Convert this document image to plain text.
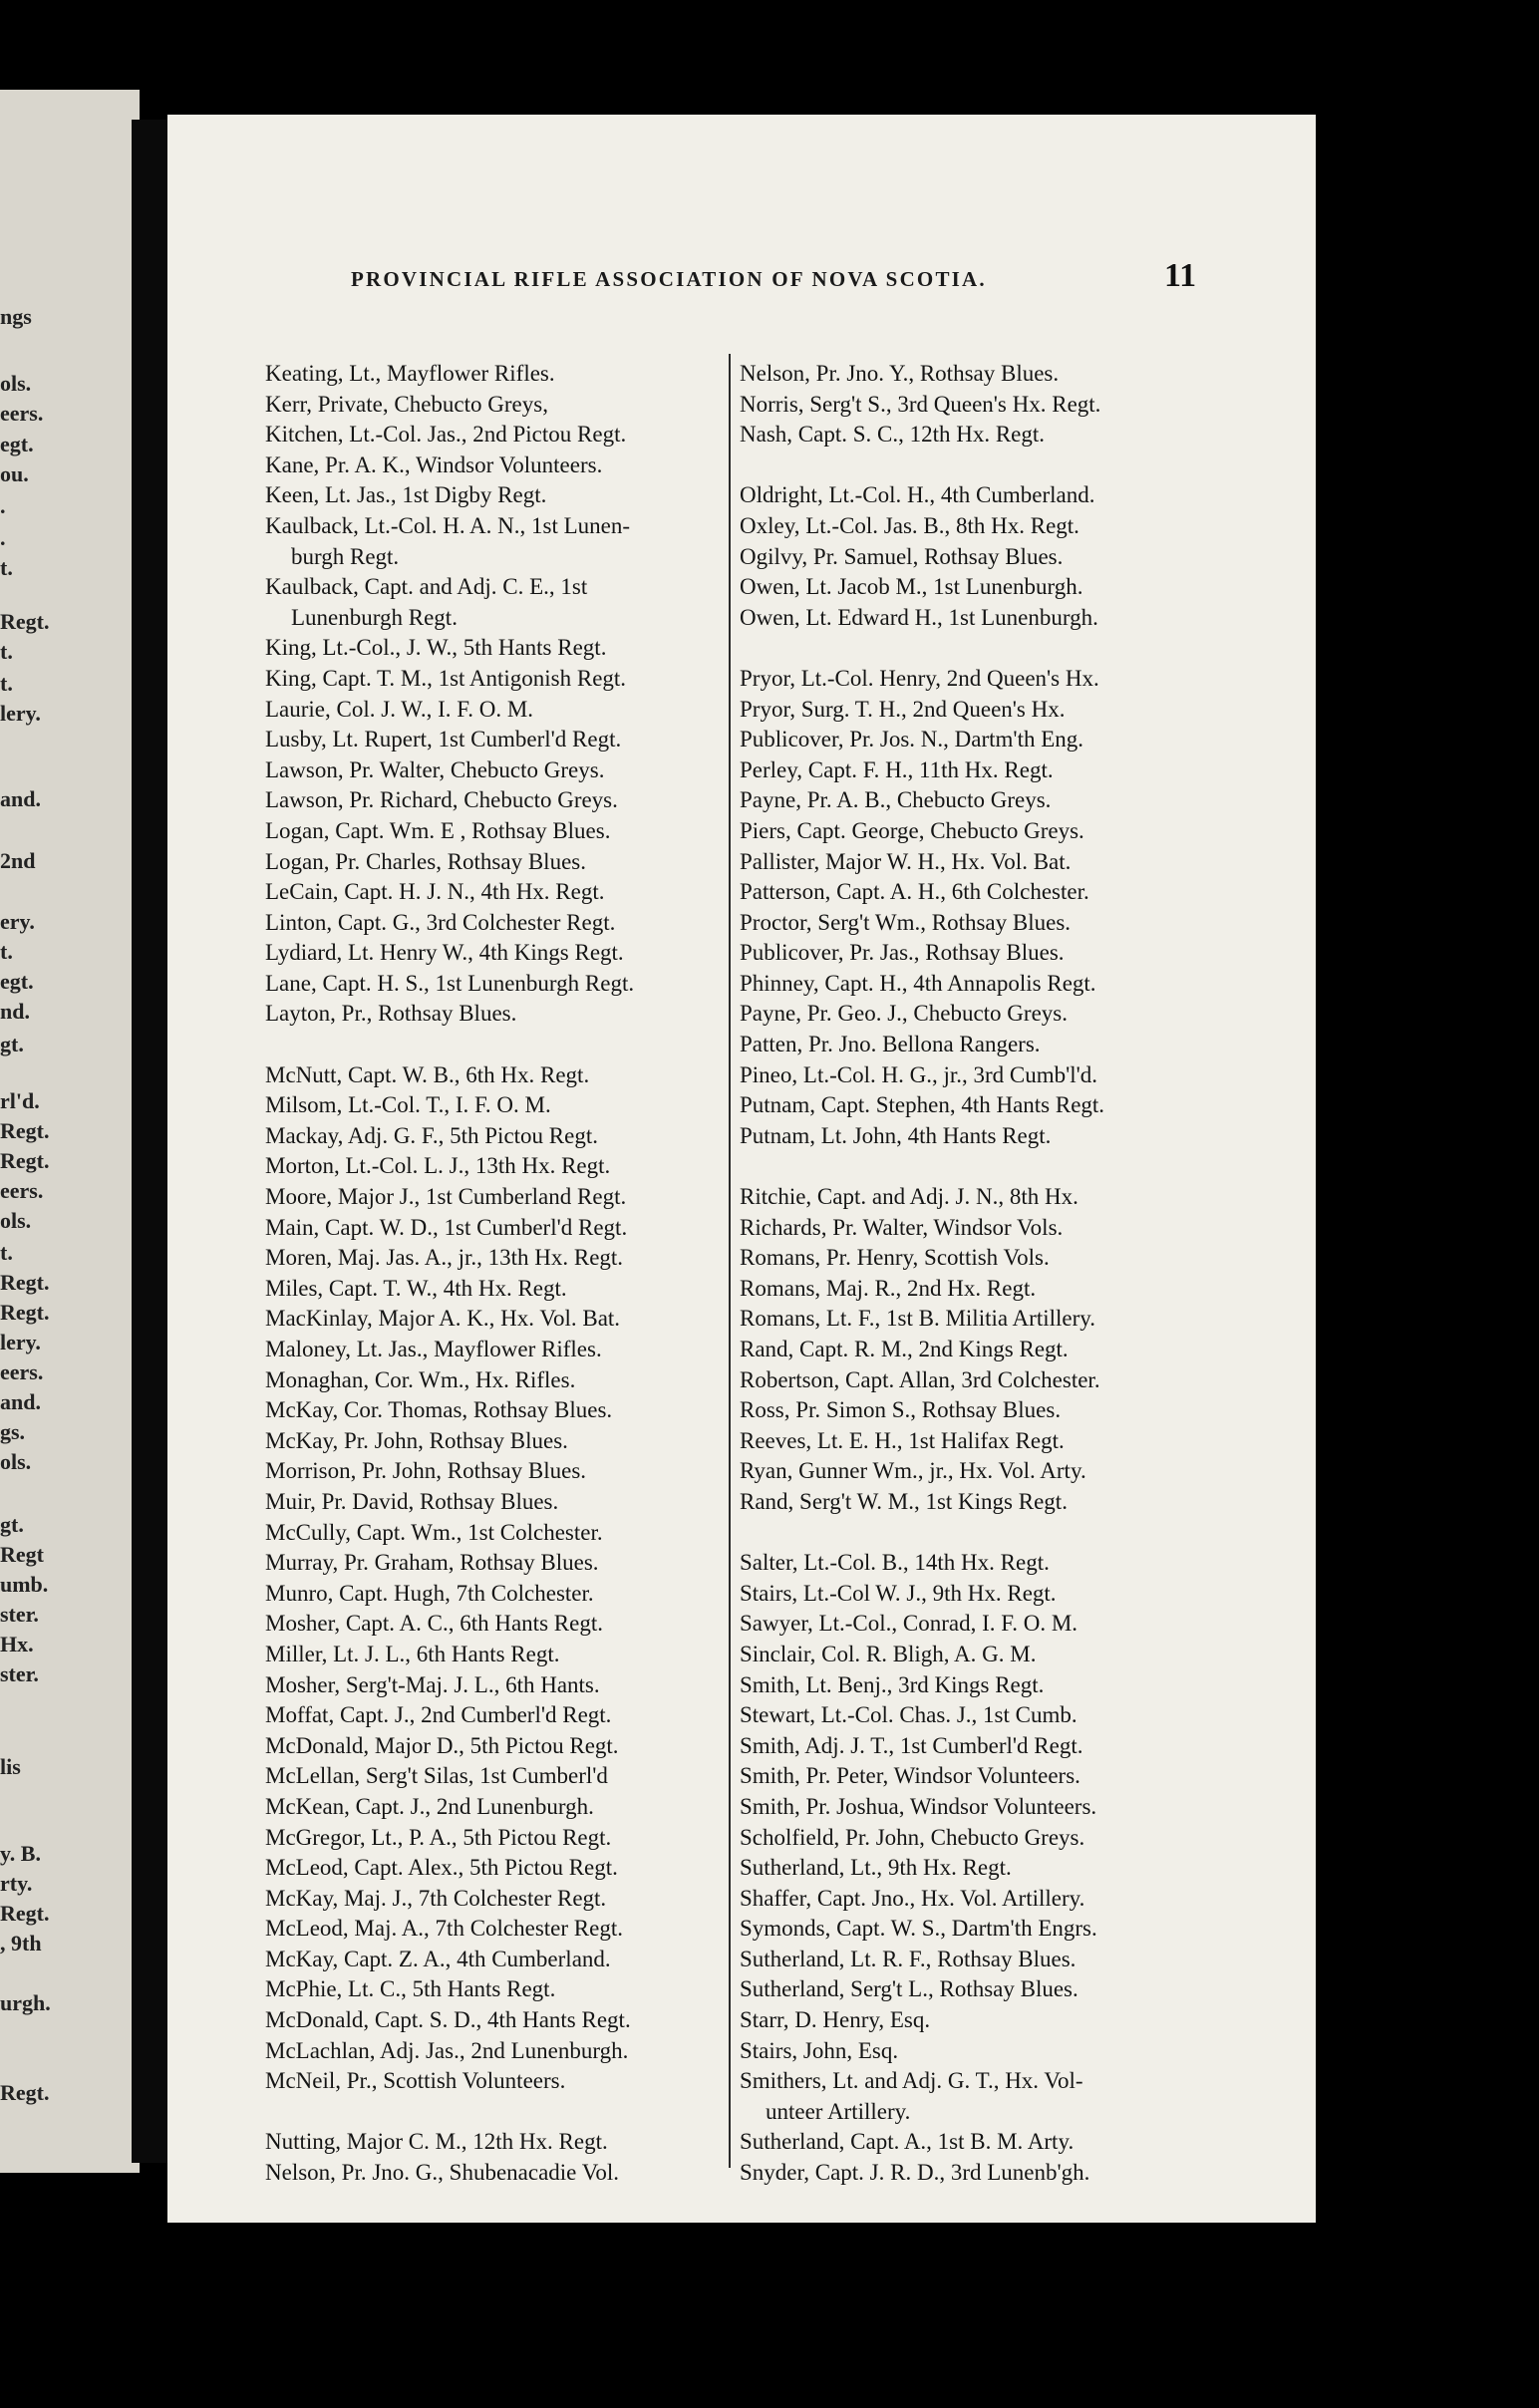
ngs
ols.
eers.
egt.
ou.
.
.
t.
Regt.
t.
t.
lery.
and.
2nd
ery.
t.
egt.
nd.
gt.
rl'd.
Regt.
Regt.
eers.
ols.
t.
Regt.
Regt.
lery.
eers.
and.
gs.
ols.
gt.
Regt
umb.
ster.
Hx.
ster.
lis
y. B.
rty.
Regt.
, 9th
urgh.
Regt.
PROVINCIAL RIFLE ASSOCIATION OF NOVA SCOTIA.	11
Keating, Lt., Mayflower Rifles.
Kerr, Private, Chebucto Greys,
Kitchen, Lt.-Col. Jas., 2nd Pictou Regt.
Kane, Pr. A. K., Windsor Volunteers.
Keen, Lt. Jas., 1st Digby Regt.
Kaulback, Lt.-Col. H. A. N., 1st Lunen-
burgh Regt.
Kaulback, Capt. and Adj. C. E., 1st
Lunenburgh Regt.
King, Lt.-Col., J. W., 5th Hants Regt.
King, Capt. T. M., 1st Antigonish Regt.
Laurie, Col. J. W., I. F. O. M.
Lusby, Lt. Rupert, 1st Cumberl'd Regt.
Lawson, Pr. Walter, Chebucto Greys.
Lawson, Pr. Richard, Chebucto Greys.
Logan, Capt. Wm. E , Rothsay Blues.
Logan, Pr. Charles, Rothsay Blues.
LeCain, Capt. H. J. N., 4th Hx. Regt.
Linton, Capt. G., 3rd Colchester Regt.
Lydiard, Lt. Henry W., 4th Kings Regt.
Lane, Capt. H. S., 1st Lunenburgh Regt.
Layton, Pr., Rothsay Blues.
McNutt, Capt. W. B., 6th Hx. Regt.
Milsom, Lt.-Col. T., I. F. O. M.
Mackay, Adj. G. F., 5th Pictou Regt.
Morton, Lt.-Col. L. J., 13th Hx. Regt.
Moore, Major J., 1st Cumberland Regt.
Main, Capt. W. D., 1st Cumberl'd Regt.
Moren, Maj. Jas. A., jr., 13th Hx. Regt.
Miles, Capt. T. W., 4th Hx. Regt.
MacKinlay, Major A. K., Hx. Vol. Bat.
Maloney, Lt. Jas., Mayflower Rifles.
Monaghan, Cor. Wm., Hx. Rifles.
McKay, Cor. Thomas, Rothsay Blues.
McKay, Pr. John, Rothsay Blues.
Morrison, Pr. John, Rothsay Blues.
Muir, Pr. David, Rothsay Blues.
McCully, Capt. Wm., 1st Colchester.
Murray, Pr. Graham, Rothsay Blues.
Munro, Capt. Hugh, 7th Colchester.
Mosher, Capt. A. C., 6th Hants Regt.
Miller, Lt. J. L., 6th Hants Regt.
Mosher, Serg't-Maj. J. L., 6th Hants.
Moffat, Capt. J., 2nd Cumberl'd Regt.
McDonald, Major D., 5th Pictou Regt.
McLellan, Serg't Silas, 1st Cumberl'd
McKean, Capt. J., 2nd Lunenburgh.
McGregor, Lt., P. A., 5th Pictou Regt.
McLeod, Capt. Alex., 5th Pictou Regt.
McKay, Maj. J., 7th Colchester Regt.
McLeod, Maj. A., 7th Colchester Regt.
McKay, Capt. Z. A., 4th Cumberland.
McPhie, Lt. C., 5th Hants Regt.
McDonald, Capt. S. D., 4th Hants Regt.
McLachlan, Adj. Jas., 2nd Lunenburgh.
McNeil, Pr., Scottish Volunteers.
Nutting, Major C. M., 12th Hx. Regt.
Nelson, Pr. Jno. G., Shubenacadie Vol.
Nelson, Pr. Jno. Y., Rothsay Blues.
Norris, Serg't S., 3rd Queen's Hx. Regt.
Nash, Capt. S. C., 12th Hx. Regt.
Oldright, Lt.-Col. H., 4th Cumberland.
Oxley, Lt.-Col. Jas. B., 8th Hx. Regt.
Ogilvy, Pr. Samuel, Rothsay Blues.
Owen, Lt. Jacob M., 1st Lunenburgh.
Owen, Lt. Edward H., 1st Lunenburgh.
Pryor, Lt.-Col. Henry, 2nd Queen's Hx.
Pryor, Surg. T. H., 2nd Queen's Hx.
Publicover, Pr. Jos. N., Dartm'th Eng.
Perley, Capt. F. H., 11th Hx. Regt.
Payne, Pr. A. B., Chebucto Greys.
Piers, Capt. George, Chebucto Greys.
Pallister, Major W. H., Hx. Vol. Bat.
Patterson, Capt. A. H., 6th Colchester.
Proctor, Serg't Wm., Rothsay Blues.
Publicover, Pr. Jas., Rothsay Blues.
Phinney, Capt. H., 4th Annapolis Regt.
Payne, Pr. Geo. J., Chebucto Greys.
Patten, Pr. Jno. Bellona Rangers.
Pineo, Lt.-Col. H. G., jr., 3rd Cumb'l'd.
Putnam, Capt. Stephen, 4th Hants Regt.
Putnam, Lt. John, 4th Hants Regt.
Ritchie, Capt. and Adj. J. N., 8th Hx.
Richards, Pr. Walter, Windsor Vols.
Romans, Pr. Henry, Scottish Vols.
Romans, Maj. R., 2nd Hx. Regt.
Romans, Lt. F., 1st B. Militia Artillery.
Rand, Capt. R. M., 2nd Kings Regt.
Robertson, Capt. Allan, 3rd Colchester.
Ross, Pr. Simon S., Rothsay Blues.
Reeves, Lt. E. H., 1st Halifax Regt.
Ryan, Gunner Wm., jr., Hx. Vol. Arty.
Rand, Serg't W. M., 1st Kings Regt.
Salter, Lt.-Col. B., 14th Hx. Regt.
Stairs, Lt.-Col W. J., 9th Hx. Regt.
Sawyer, Lt.-Col., Conrad, I. F. O. M.
Sinclair, Col. R. Bligh, A. G. M.
Smith, Lt. Benj., 3rd Kings Regt.
Stewart, Lt.-Col. Chas. J., 1st Cumb.
Smith, Adj. J. T., 1st Cumberl'd Regt.
Smith, Pr. Peter, Windsor Volunteers.
Smith, Pr. Joshua, Windsor Volunteers.
Scholfield, Pr. John, Chebucto Greys.
Sutherland, Lt., 9th Hx. Regt.
Shaffer, Capt. Jno., Hx. Vol. Artillery.
Symonds, Capt. W. S., Dartm'th Engrs.
Sutherland, Lt. R. F., Rothsay Blues.
Sutherland, Serg't L., Rothsay Blues.
Starr, D. Henry, Esq.
Stairs, John, Esq.
Smithers, Lt. and Adj. G. T., Hx. Vol-
unteer Artillery.
Sutherland, Capt. A., 1st B. M. Arty.
Snyder, Capt. J. R. D., 3rd Lunenb'gh.
